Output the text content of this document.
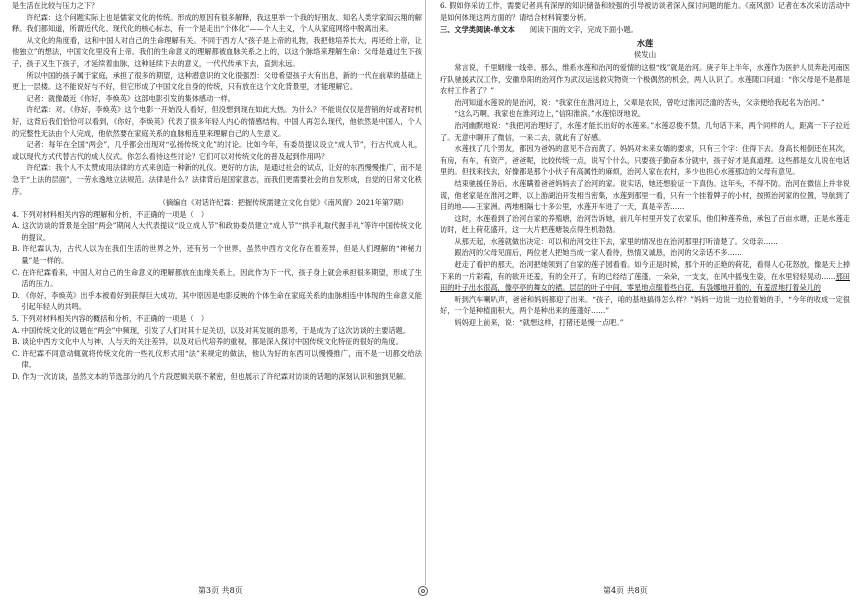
是生活在比较与压力之下？

许纪霖：这个问题实际上也是儒家文化的传统。形成的原因有很多解释，我这里举一个我的好朋友、知名人类学家阎云翔的解释。我们都知道，所谓近代化、现代化的核心标志，有一个是走出“个体化”——个人主义，个人从家庭网络中脱离出来。

从文化的角度看，这和中国人对自己的生命理解有关。不同于西方人“孩子是上帝的礼物，我把他培养长大，再还给上帝，让他独立”的想法，中国文化里没有上帝。我们的生命意义的理解都被血脉关系之上的，以这个脉络来理解生命：父母是通过生下孩子，孩子又生下孩子，才延续着血脉，这种延续下去的意义，一代代传承下去，直到永远。

所以中国的孩子属于家庭，承担了很多的期望，这种潜意识的文化很强烈：父母希望孩子大有出息，新的一代在前辈的基础上更上一层楼。这不能说好与不好，但它形成了中国文化自身的传统，只有放在这个文化背景里，才能理解它。

记者：就像最近《你好，李焕英》这部电影引发的集体感动一样。

许纪霖：对。《你好，李焕英》这个电影一开始没人看好，但没想到现在如此大热。为什么？不能说仅仅是营销的好或者时机好，这背后我们恰恰可以看到，《你好，李焕英》代表了很多年轻人内心的情感结构。中国人再怎么现代，他依然是中国人，个人的完整性无法由个人完成，他依然要在家庭关系的血脉相连里来理解自己的人生意义。

记者：每年在全国“两会”，几乎都会出现对“弘扬传统文化”的讨论。比如今年，有委员提议设立“成人节”，行古代成人礼，或以现代方式代替古代的成人仪式。你怎么看待这些讨论？它们可以对传统文化的普及起到作用吗？

许纪霖：我个人不太赞成用法律的方式来创造一种新的礼仪。更好的方法，是通过社会的试点，让好的东西慢慢推广，而不是急于“上法的层面”，一劳永逸地立法规范。法律是什么？法律背后是国家意志，而我们更需要社会的自发形成，自觉的日常文化秩序。

（摘编自《对话许纪霖：把握传统需建立文化自觉》《南风窗》2021年第7期）

4. 下列对材料相关内容的理解和分析，不正确的一项是（　）

A. 这次访谈的背景是全国“两会”期间人大代表提议“设立成人节”和政协委员建立“成人节”“拱手礼取代握手礼”等许中国传统文化的提议。

B. 许纪霖认为，古代人以为在我们生活的世界之外，还有另一个世界，虽然中西方文化存在着差异，但是人们理解的“神秘力量”是一样的。

C. 在许纪霖看来，中国人对自己的生命意义的理解都放在血缘关系上，因此作为下一代，孩子身上就会承担很多期望，形成了生活的压力。

D. 《你好，李焕英》出乎本被看好到获得巨大成功，其中原因是电影反映的个体生命在家庭关系的血脉相连中体现的生命意义能引起年轻人的共鸣。

5. 下列对材料相关内容的概括和分析，不正确的一项是（　）

A. 中国传统文化的议题在“两会”中频现，引发了人们对其十足关切，以及对其发展的思考，于是成为了这次访谈的主要话题。

B. 谈论中西方文化中人与神、人与天的关注差异，以及对后代培养的重视，都是深入探讨中国传统文化特征的很好的角度。

C. 许纪霖不同意动辄就将传统文化的一些礼仪形式用“法”来规定的做法，他认为好的东西可以慢慢推广，而不是一切都交给法律。

D. 作为一次访谈，虽然文本的节选部分的几个片段逻辑关联不紧密，但也展示了许纪霖对访谈的话题的深刻认识和独到见解。

6. 假如你采访工作，需要记者具有深厚的知识储备和较强的引导被访谈者深入探讨问题的能力。《南风窗》记者在本次采访活动中是如何体现这两方面的？请结合材料简要分析。

三、文学类阅读-单文本 阅读下面的文字，完成下面小题。

水莲

侯发山

常言说，千里姻缘一线牵。那么，维系水莲和治河的爱情的这根“线”就是治河。庚子年上半年，水莲作为医护人员奔赴河南医疗队驰援武汉工作，安徽阜阳的治河作为武汉运送救灾物资一个极偶然的机会，两人认识了。水莲随口问道：“你父母是不是都是农村工作者了？”

治河知道水莲说的是治河，说：“我家住在淮河边上，父辈是农民，曾吃过淮河泛滥的苦头，父亲便给我起名为治河。”

“这么巧啊，我家也在淮河边上，”信阳淮滨。”水莲惊讶地说。

治河幽默地说：“我把河治理好了，水莲才能长出好的水莲来。”水莲忍俊不禁，几句话下来，两个同样的人，距离一下子拉近了。无意中聊开了微信，一来二去，就此有了好感。

水莲找了几个男友，都因为爸妈的意见不合而黄了。妈妈对未来女婿的要求，只有三个字：住得下去。身高长相倒还在其次，有房，有车，有资产，爸爸呢，比较传统一点，说写个什么，只要孩子勤奋本分就中，孩子好才是真道理。这些都是女儿说在电话里的。但找来找去，好像都是那个小伙子有高属性的麻烦，治河人家在农村，多少也担心水莲那边的父母有意见。

结束驰援任务后，水莲瞒着爸爸妈妈去了治河的家。说实话，她还想验证一下真伪。这年头，不得不防。治河在微信上并非说谎，他老家是在淮河之畔，以上游湖泊开发相当密集，水莲到那里一看，只有一个挂着牌子的小村，按照治河家的位置，导航到了目的地——王家洲。两地相隔七十多公里，水莲开车进了一天，真是辛苦……

这时，水莲看到了治河自家的养殖塘，治河告诉她，前几年村里开发了农家乐，他们种莲养鱼，承包了百亩水塘，正是水莲走访时，赶上荷花盛开，这一大片把莲塘装点得生机勃勃。

从那天起，水莲就做出决定：可以和治河交往下去，家里的情况也在治河那里打听清楚了。父母亲……

跟治河的父母见面后，两位老人把她当成一家人看待，热情又诚恳，治河的父亲话不多……

赶走了看护的那天，治河把她领到了自家的莲子园看看。如今正是时候，那个开的正艳的荷花，看得人心花怒放，像是天上掉下来的一片彩霞，有的欲开还羞，有的全开了，有的已经结了莲蓬，一朵朵，一支支，在风中摇曳生姿，在水里轻轻晃动……那田田的叶子出水很高，像亭亭的舞女的裙。层层的叶子中间，零星地点缀着些白花，有袅娜地开着的，有羞涩地打着朵儿的

听到汽车喇叭声，爸爸和妈妈都迎了出来。“孩子，咱的基地搞得怎么样？”妈妈一边说一边拉着她的手，“今年的收成一定很好，一个是种植面积大，两个是种出来的莲蓬好……”

妈妈迎上前来，说：“就想这样，打猪还是慢一点吧。”

第3页 共8页	第4页 共8页
